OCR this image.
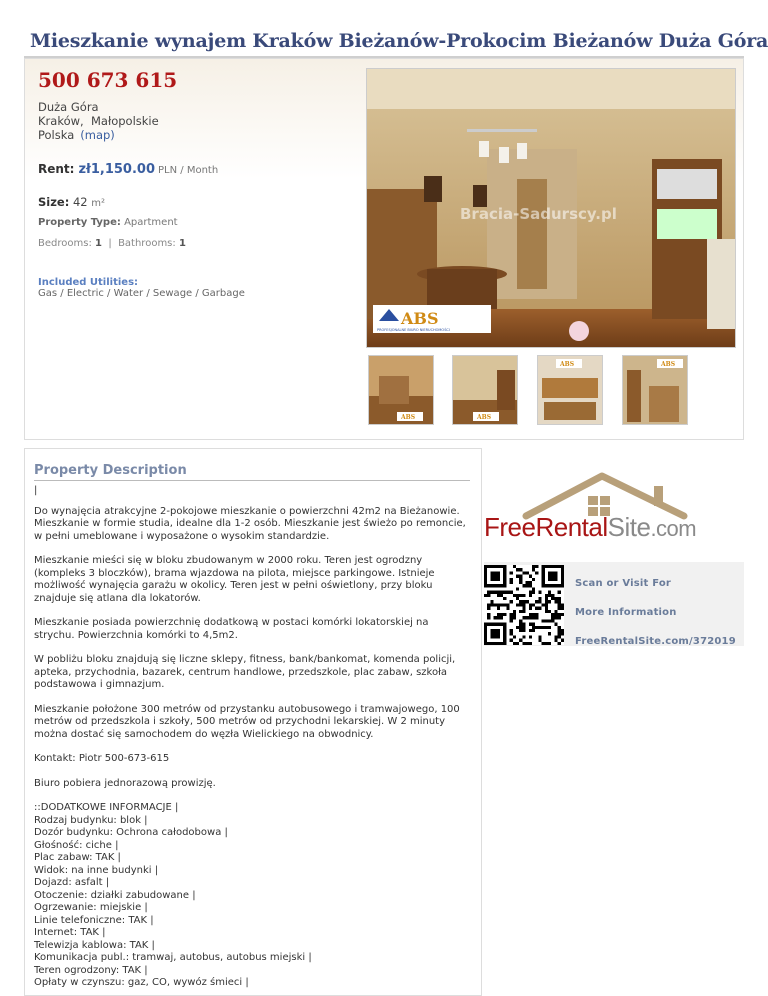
Mieszkanie wynajem Kraków Bieżanów-Prokocim Bieżanów Duża Góra
500 673 615
Duża Góra
Kraków,  Małopolskie
Polska (map)
Rent: zł1,150.00 PLN / Month
Size: 42 m²
Property Type: Apartment
Bedrooms: 1 | Bathrooms: 1
Included Utilities:
Gas / Electric / Water / Sewage / Garbage
Bracia-Sadurscy.pl
ABS
PROFESJONALNE BIURO NIERUCHOMOŚCI
ABS	ABS
ABS	ABS
Property Description

|

Do wynajęcia atrakcyjne 2-pokojowe mieszkanie o powierzchni 42m2 na Bieżanowie. Mieszkanie w formie studia, idealne dla 1-2 osób. Mieszkanie jest świeżo po remoncie, w pełni umeblowane i wyposażone o wysokim standardzie.

Mieszkanie mieści się w bloku zbudowanym w 2000 roku. Teren jest ogrodzny (kompleks 3 bloczków), brama wjazdowa na pilota, miejsce parkingowe. Istnieje możliwość wynajęcia garażu w okolicy. Teren jest w pełni oświetlony, przy bloku znajduje się atlana dla lokatorów.

Mieszkanie posiada powierzchnię dodatkową w postaci komórki lokatorskiej na strychu. Powierzchnia komórki to 4,5m2.

W pobliżu bloku znajdują się liczne sklepy, fitness, bank/bankomat, komenda policji, apteka, przychodnia, bazarek, centrum handlowe, przedszkole, plac zabaw, szkoła podstawowa i gimnazjum.

Mieszkanie położone 300 metrów od przystanku autobusowego i tramwajowego, 100 metrów od przedszkola i szkoły, 500 metrów od przychodni lekarskiej. W 2 minuty można dostać się samochodem do węzła Wielickiego na obwodnicy.

Kontakt: Piotr 500-673-615

Biuro pobiera jednorazową prowizję.

::DODATKOWE INFORMACJE |
Rodzaj budynku: blok |
Dozór budynku: Ochrona całodobowa |
Głośność: ciche |
Plac zabaw: TAK |
Widok: na inne budynki |
Dojazd: asfalt |
Otoczenie: działki zabudowane |
Ogrzewanie: miejskie |
Linie telefoniczne: TAK |
Internet: TAK |
Telewizja kablowa: TAK |
Komunikacja publ.: tramwaj, autobus, autobus miejski |
Teren ogrodzony: TAK |
Opłaty w czynszu: gaz, CO, wywóz śmieci |
FreeRentalSite.com
Scan or Visit For
More Information
FreeRentalSite.com/372019
